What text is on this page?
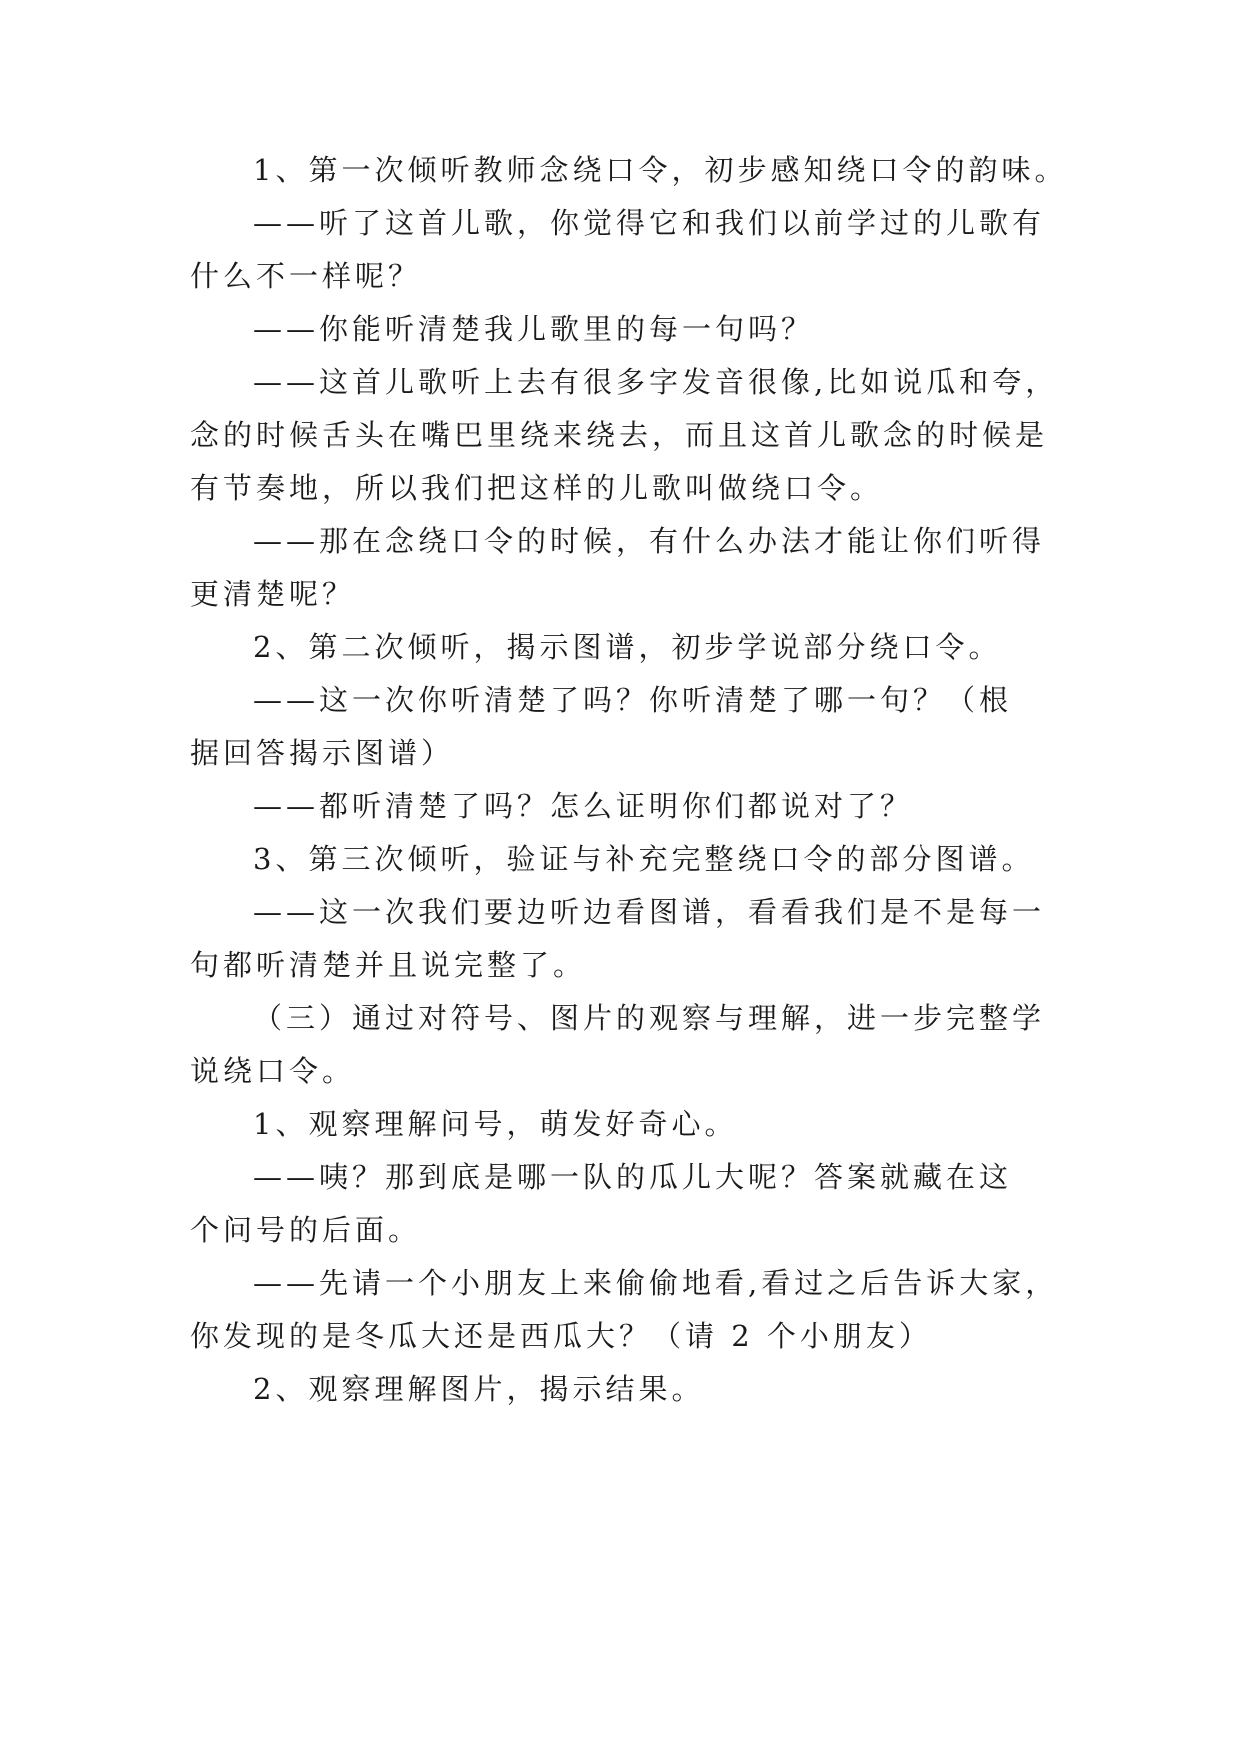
1、第一次倾听教师念绕口令，初步感知绕口令的韵味。
——听了这首儿歌，你觉得它和我们以前学过的儿歌有
什么不一样呢？
——你能听清楚我儿歌里的每一句吗？
——这首儿歌听上去有很多字发音很像,比如说瓜和夸，
念的时候舌头在嘴巴里绕来绕去，而且这首儿歌念的时候是
有节奏地，所以我们把这样的儿歌叫做绕口令。
——那在念绕口令的时候，有什么办法才能让你们听得
更清楚呢？
2、第二次倾听，揭示图谱，初步学说部分绕口令。
——这一次你听清楚了吗？你听清楚了哪一句？（根
据回答揭示图谱）
——都听清楚了吗？怎么证明你们都说对了？
3、第三次倾听，验证与补充完整绕口令的部分图谱。
——这一次我们要边听边看图谱，看看我们是不是每一
句都听清楚并且说完整了。
（三）通过对符号、图片的观察与理解，进一步完整学
说绕口令。
1、观察理解问号，萌发好奇心。
——咦？那到底是哪一队的瓜儿大呢？答案就藏在这
个问号的后面。
——先请一个小朋友上来偷偷地看,看过之后告诉大家，
你发现的是冬瓜大还是西瓜大？（请 2 个小朋友）
2、观察理解图片，揭示结果。
